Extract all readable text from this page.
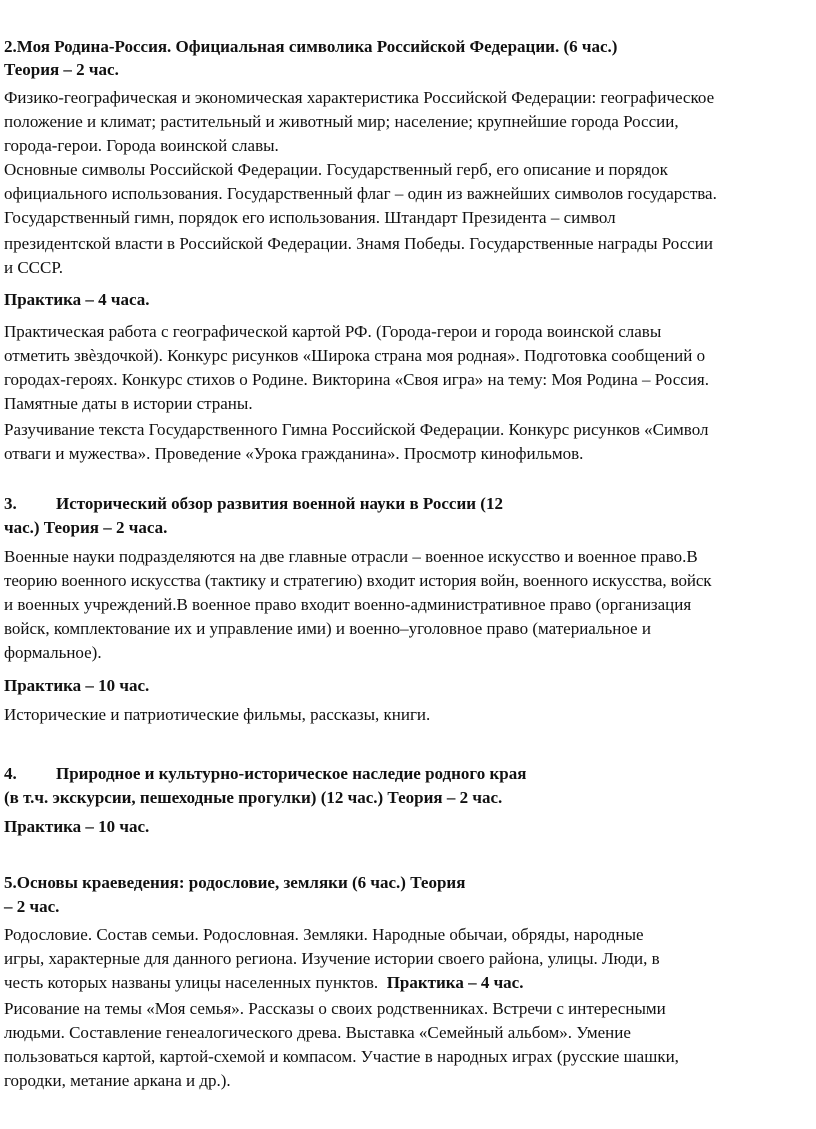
2.Моя Родина-Россия. Официальная символика Российской Федерации. (6 час.)
Теория – 2 час.
Физико-географическая и экономическая характеристика Российской Федерации: географическое
положение и климат; растительный и животный мир; население; крупнейшие города России,
города-герои. Города воинской славы.
Основные символы Российской Федерации. Государственный герб, его описание и порядок
официального использования. Государственный флаг – один из важнейших символов государства.
Государственный гимн, порядок его использования. Штандарт Президента – символ
президентской власти в Российской Федерации. Знамя Победы. Государственные награды России
и СССР.
Практика – 4 часа.
Практическая работа с географической картой РФ. (Города-герои и города воинской славы
отметить звѐздочкой). Конкурс рисунков «Широка страна моя родная». Подготовка сообщений о
городах-героях. Конкурс стихов о Родине. Викторина «Своя игра» на тему: Моя Родина – Россия.
Памятные даты в истории страны.
Разучивание текста Государственного Гимна Российской Федерации. Конкурс рисунков «Символ
отваги и мужества». Проведение «Урока гражданина». Просмотр кинофильмов.
3. Исторический обзор развития военной науки в России (12
час.) Теория – 2 часа.
Военные науки подразделяются на две главные отрасли – военное искусство и военное право.В
теорию военного искусства (тактику и стратегию) входит история войн, военного искусства, войск
и военных учреждений.В военное право входит военно-административное право (организация
войск, комплектование их и управление ими) и военно–уголовное право (материальное и
формальное).
Практика – 10 час.
Исторические и патриотические фильмы, рассказы, книги.
4. Природное и культурно-историческое наследие родного края
(в т.ч. экскурсии, пешеходные прогулки) (12 час.) Теория – 2 час.
Практика – 10 час.
5.Основы краеведения: родословие, земляки (6 час.) Теория
– 2 час.
Родословие. Состав семьи. Родословная. Земляки. Народные обычаи, обряды, народные
игры, характерные для данного региона. Изучение истории своего района, улицы. Люди, в
честь которых названы улицы населенных пунктов. Практика – 4 час.
Рисование на темы «Моя семья». Рассказы о своих родственниках. Встречи с интересными
людьми. Составление генеалогического древа. Выставка «Семейный альбом». Умение
пользоваться картой, картой-схемой и компасом. Участие в народных играх (русские шашки,
городки, метание аркана и др.).
